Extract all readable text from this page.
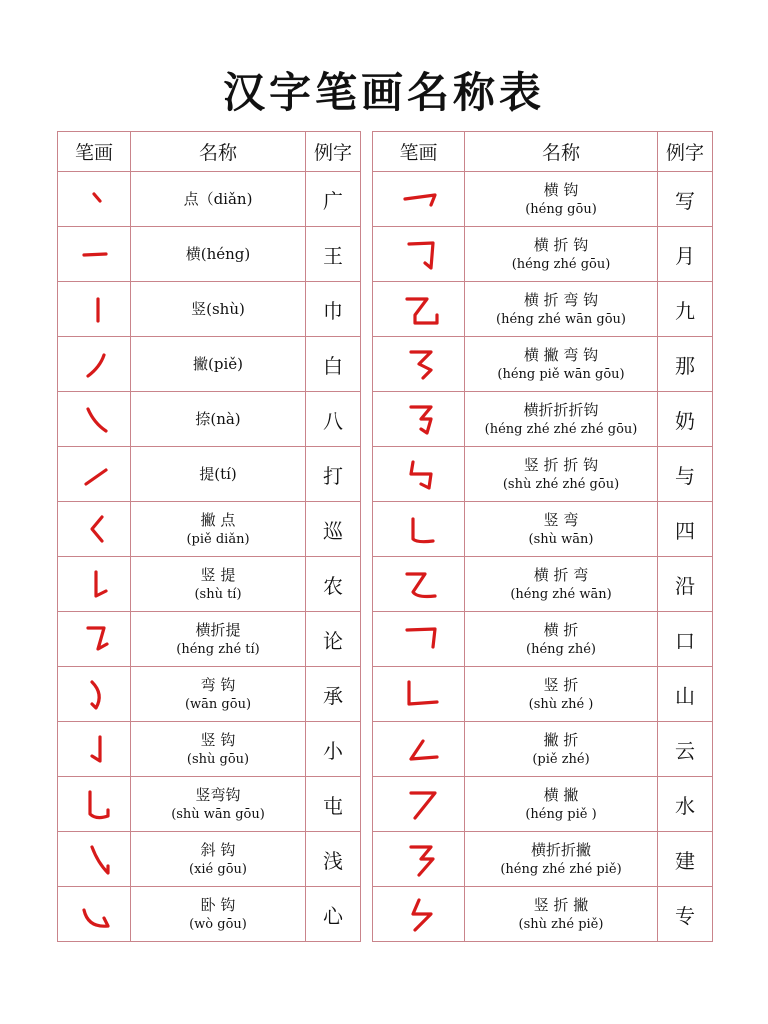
汉字笔画名称表
笔画	名称	例字

点（diǎn)	广

横(héng)	王

竖(shù)	巾

撇(piě)	白

捺(nà)	八

提(tí)	打

撇 点
(piě diǎn)	巡

竖 提
(shù tí)	农

横折提
(héng zhé tí)	论

弯 钩
(wān gōu)	承

竖 钩
(shù gōu)	小

竖弯钩
(shù wān gōu)	屯

斜 钩
(xié gōu)	浅

卧 钩
(wò gōu)	心
笔画	名称	例字

横 钩
(héng gōu)	写

横 折 钩
(héng zhé gōu)	月

横 折 弯 钩
(héng zhé wān gōu)	九

横 撇 弯 钩
(héng piě wān gōu)	那

横折折折钩
(héng zhé zhé zhé gōu)	奶

竖 折 折 钩
(shù zhé zhé gōu)	与

竖 弯
(shù wān)	四

横 折 弯
(héng zhé wān)	沿

横 折
(héng zhé)	口

竖 折
(shù zhé )	山

撇 折
(piě zhé)	云

横 撇
(héng piě )	水

横折折撇
(héng zhé zhé piě)	建

竖 折 撇
(shù zhé piě)	专
